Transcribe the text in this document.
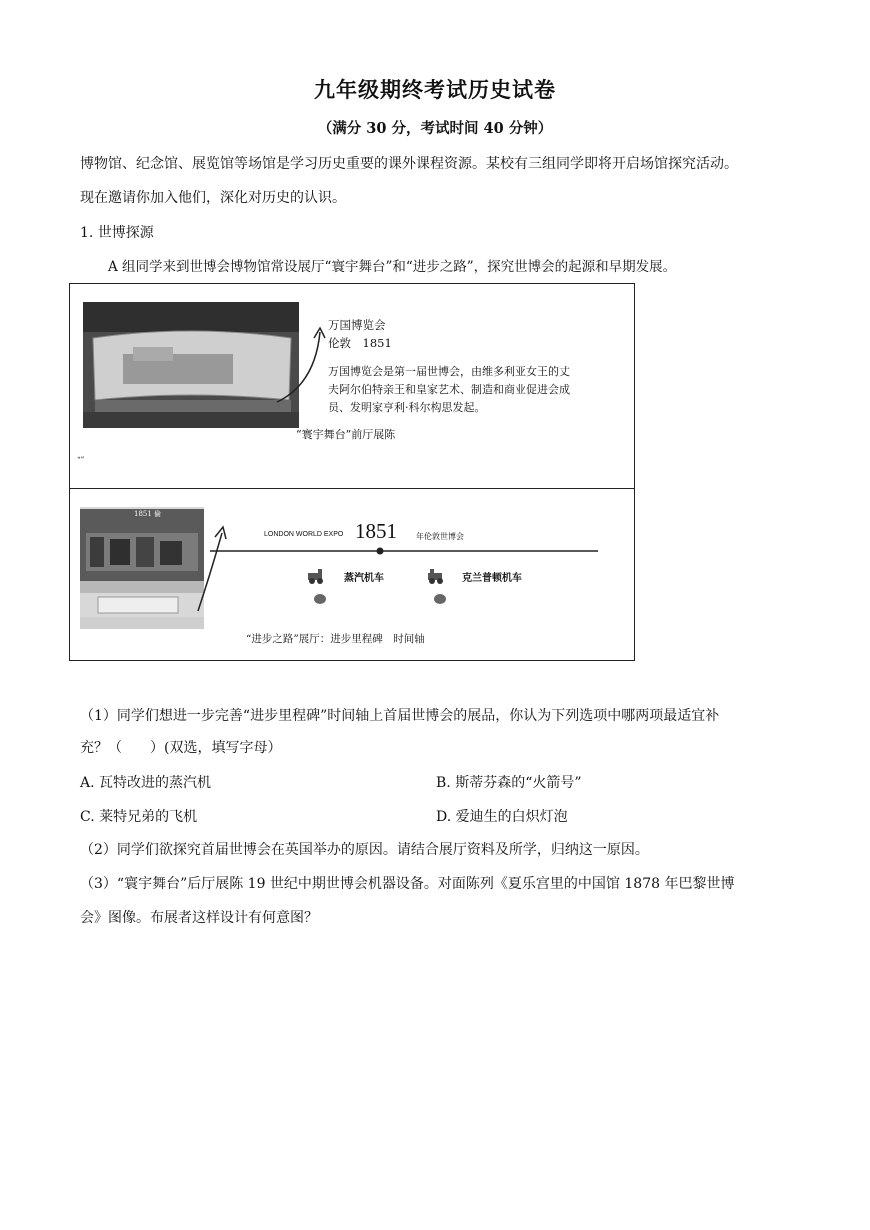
九年级期终考试历史试卷
（满分 30 分，考试时间 40 分钟）
博物馆、纪念馆、展览馆等场馆是学习历史重要的课外课程资源。某校有三组同学即将开启场馆探究活动。
现在邀请你加入他们，深化对历史的认识。
1. 世博探源
A 组同学来到世博会博物馆常设展厅“寰宇舞台”和“进步之路”，探究世博会的起源和早期发展。
万国博览会
伦敦　1851
万国博览会是第一届世博会，由维多利亚女王的丈
夫阿尔伯特亲王和皇家艺术、制造和商业促进会成
员、发明家亨利·科尔构思发起。
“寰宇舞台”前厅展陈
“”
1851 倫
LONDON WORLD EXPO 1851 年伦敦世博会
蒸汽机车	克兰普顿机车
“进步之路”展厅：进步里程碑　时间轴
（1）同学们想进一步完善“进步里程碑”时间轴上首届世博会的展品，你认为下列选项中哪两项最适宜补
充？（　　）(双选，填写字母）
A. 瓦特改进的蒸汽机	B. 斯蒂芬森的“火箭号”
C. 莱特兄弟的飞机	D. 爱迪生的白炽灯泡
（2）同学们欲探究首届世博会在英国举办的原因。请结合展厅资料及所学，归纳这一原因。
（3）“寰宇舞台”后厅展陈 19 世纪中期世博会机器设备。对面陈列《夏乐宫里的中国馆 1878 年巴黎世博
会》图像。布展者这样设计有何意图？
